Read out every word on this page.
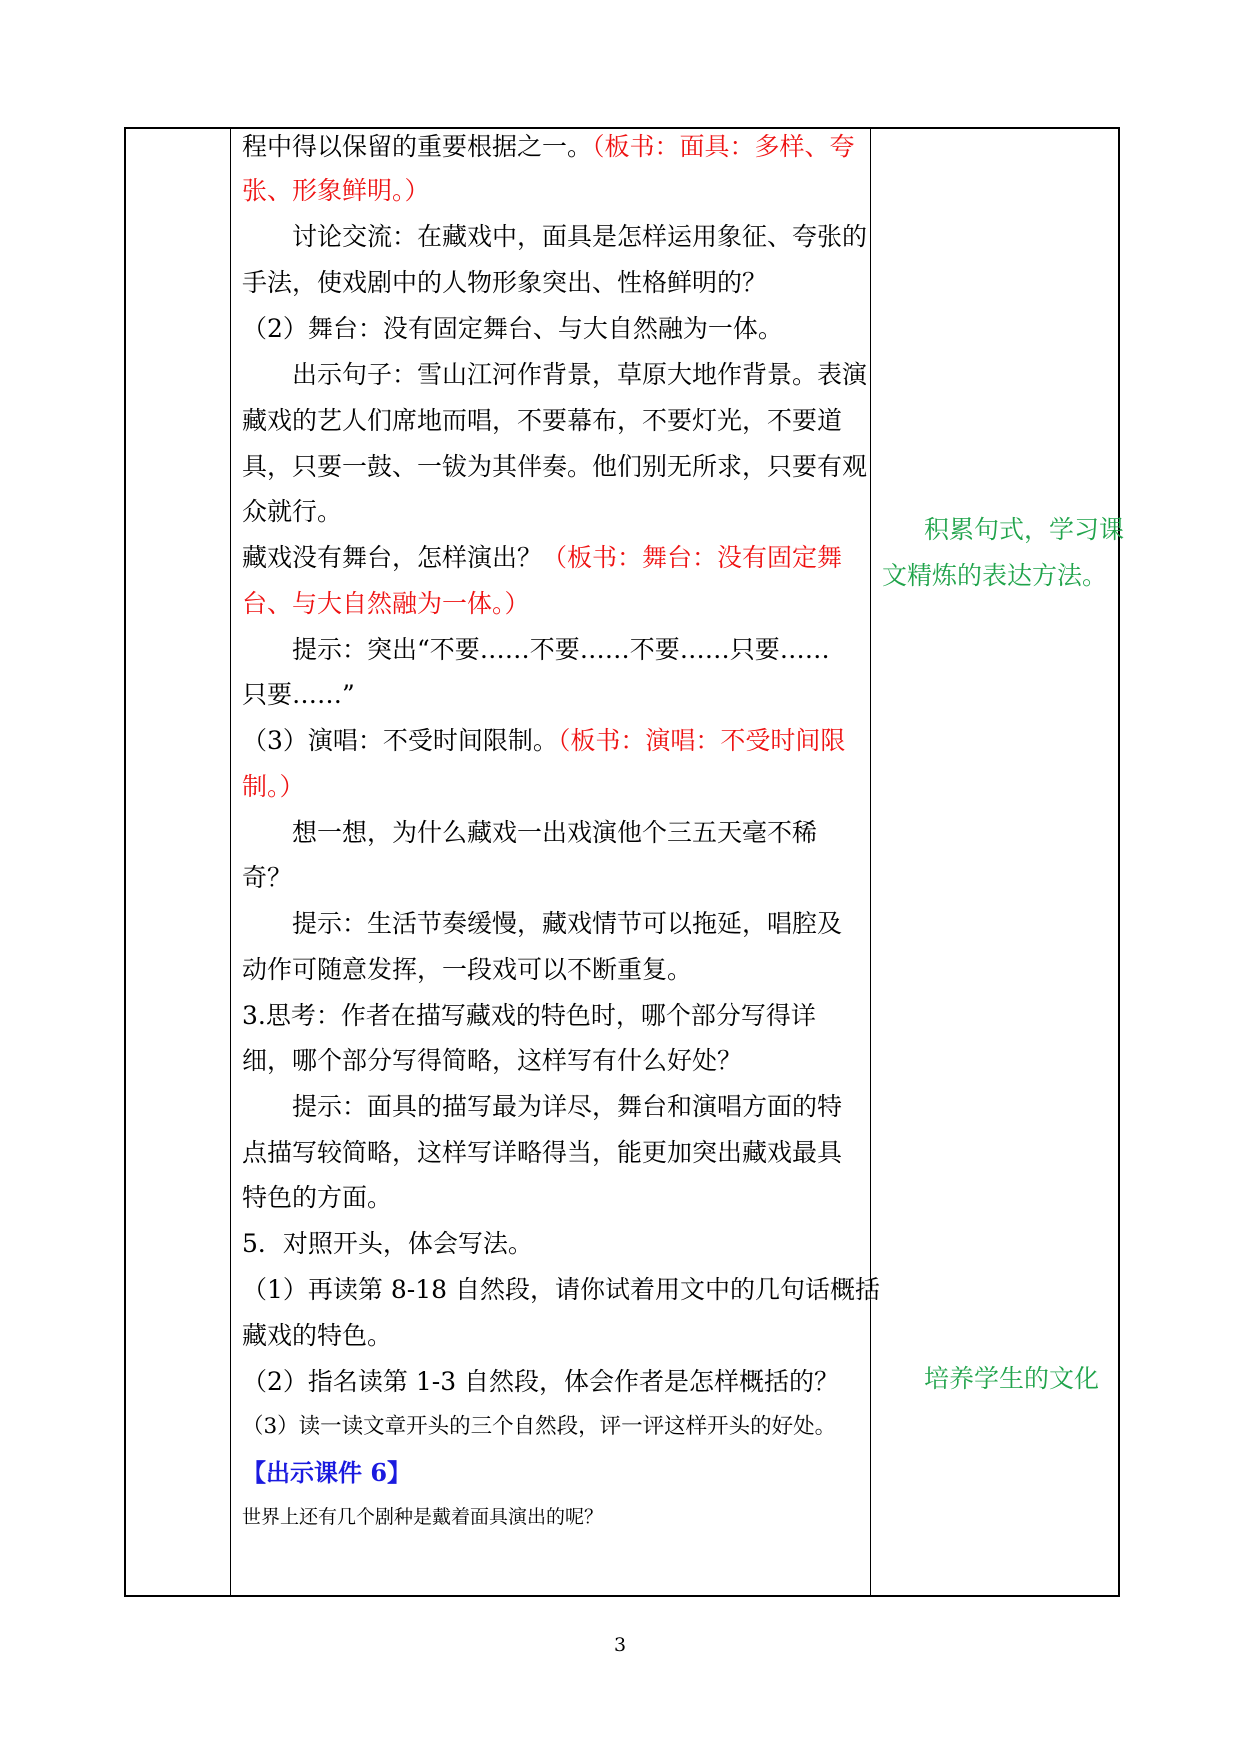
程中得以保留的重要根据之一。（板书：面具：多样、夸
张、形象鲜明。）
讨论交流：在藏戏中，面具是怎样运用象征、夸张的
手法，使戏剧中的人物形象突出、性格鲜明的？
（2）舞台：没有固定舞台、与大自然融为一体。
出示句子：雪山江河作背景，草原大地作背景。表演
藏戏的艺人们席地而唱，不要幕布，不要灯光，不要道
具，只要一鼓、一钹为其伴奏。他们别无所求，只要有观
众就行。
藏戏没有舞台，怎样演出？（板书：舞台：没有固定舞
台、与大自然融为一体。）
提示：突出“不要……不要……不要……只要……
只要……”
（3）演唱：不受时间限制。（板书：演唱：不受时间限
制。）
想一想，为什么藏戏一出戏演他个三五天毫不稀
奇？
提示：生活节奏缓慢，藏戏情节可以拖延，唱腔及
动作可随意发挥，一段戏可以不断重复。
3.思考：作者在描写藏戏的特色时，哪个部分写得详
细，哪个部分写得简略，这样写有什么好处？
提示：面具的描写最为详尽，舞台和演唱方面的特
点描写较简略，这样写详略得当，能更加突出藏戏最具
特色的方面。
5．对照开头，体会写法。
（1）再读第 8-18 自然段，请你试着用文中的几句话概括
藏戏的特色。
（2）指名读第 1-3 自然段，体会作者是怎样概括的？
（3）读一读文章开头的三个自然段，评一评这样开头的好处。
【出示课件 6】
世界上还有几个剧种是戴着面具演出的呢？
积累句式，学习课
文精炼的表达方法。
培养学生的文化
3
